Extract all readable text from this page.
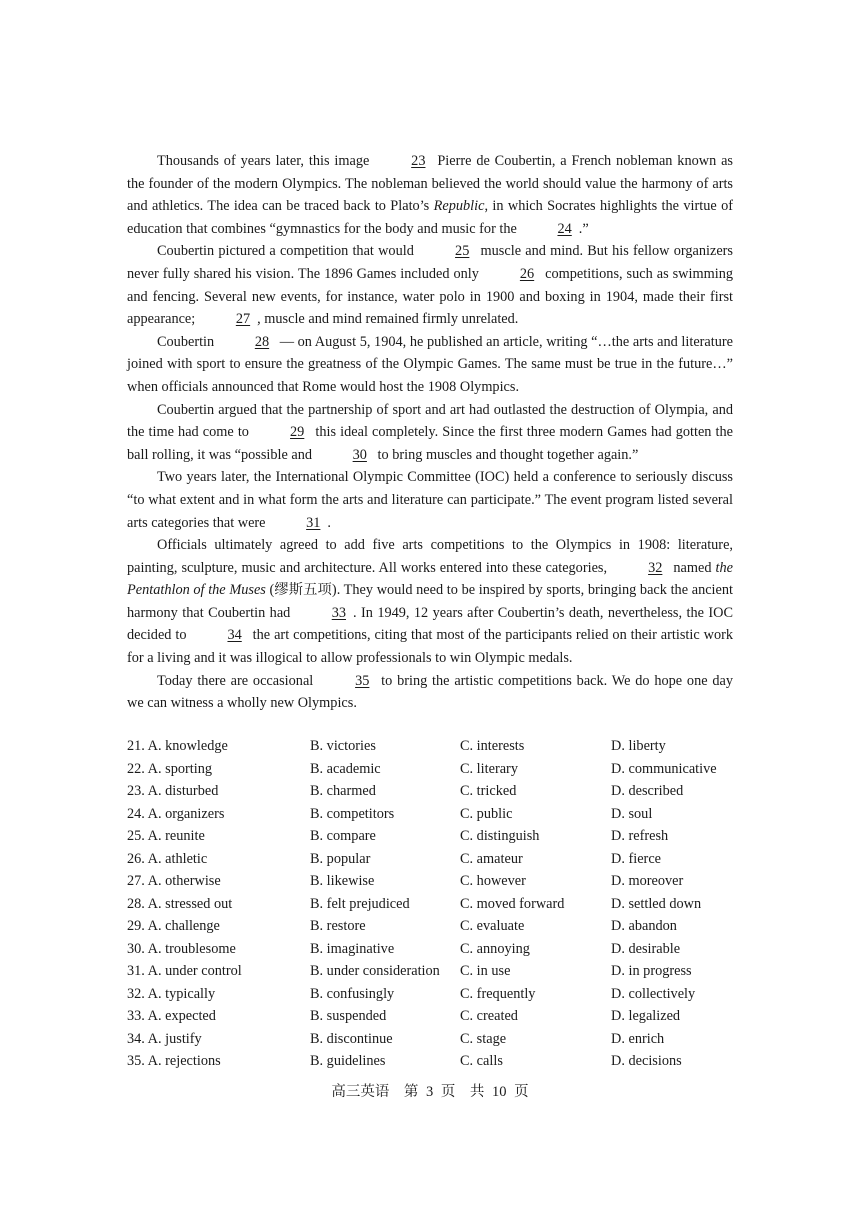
Thousands of years later, this image	23 Pierre de Coubertin, a French nobleman known as the founder of the modern Olympics. The nobleman believed the world should value the harmony of arts and athletics. The idea can be traced back to Plato’s Republic, in which Socrates highlights the virtue of education that combines “gymnastics for the body and music for the	24 .”

Coubertin pictured a competition that would	25 muscle and mind. But his fellow organizers never fully shared his vision. The 1896 Games included only	26 competitions, such as swimming and fencing. Several new events, for instance, water polo in 1900 and boxing in 1904, made their first appearance;	27 , muscle and mind remained firmly unrelated.

Coubertin	28 — on August 5, 1904, he published an article, writing “…the arts and literature joined with sport to ensure the greatness of the Olympic Games. The same must be true in the future…” when officials announced that Rome would host the 1908 Olympics.

Coubertin argued that the partnership of sport and art had outlasted the destruction of Olympia, and the time had come to	29 this ideal completely. Since the first three modern Games had gotten the ball rolling, it was “possible and	30 to bring muscles and thought together again.”

Two years later, the International Olympic Committee (IOC) held a conference to seriously discuss “to what extent and in what form the arts and literature can participate.” The event program listed several arts categories that were	31 .

Officials ultimately agreed to add five arts competitions to the Olympics in 1908: literature, painting, sculpture, music and architecture. All works entered into these categories,	32 named the Pentathlon of the Muses (缪斯五项). They would need to be inspired by sports, bringing back the ancient harmony that Coubertin had	33 . In 1949, 12 years after Coubertin’s death, nevertheless, the IOC decided to	34 the art competitions, citing that most of the participants relied on their artistic work for a living and it was illogical to allow professionals to win Olympic medals.

Today there are occasional	35 to bring the artistic competitions back. We do hope one day we can witness a wholly new Olympics.

21. A. knowledge	B. victories	C. interests	D. liberty
22. A. sporting	B. academic	C. literary	D. communicative
23. A. disturbed	B. charmed	C. tricked	D. described
24. A. organizers	B. competitors	C. public	D. soul
25. A. reunite	B. compare	C. distinguish	D. refresh
26. A. athletic	B. popular	C. amateur	D. fierce
27. A. otherwise	B. likewise	C. however	D. moreover
28. A. stressed out	B. felt prejudiced	C. moved forward	D. settled down
29. A. challenge	B. restore	C. evaluate	D. abandon
30. A. troublesome	B. imaginative	C. annoying	D. desirable
31. A. under control	B. under consideration	C. in use	D. in progress
32. A. typically	B. confusingly	C. frequently	D. collectively
33. A. expected	B. suspended	C. created	D. legalized
34. A. justify	B. discontinue	C. stage	D. enrich
35. A. rejections	B. guidelines	C. calls	D. decisions
高三英语　第 3 页　共 10 页
